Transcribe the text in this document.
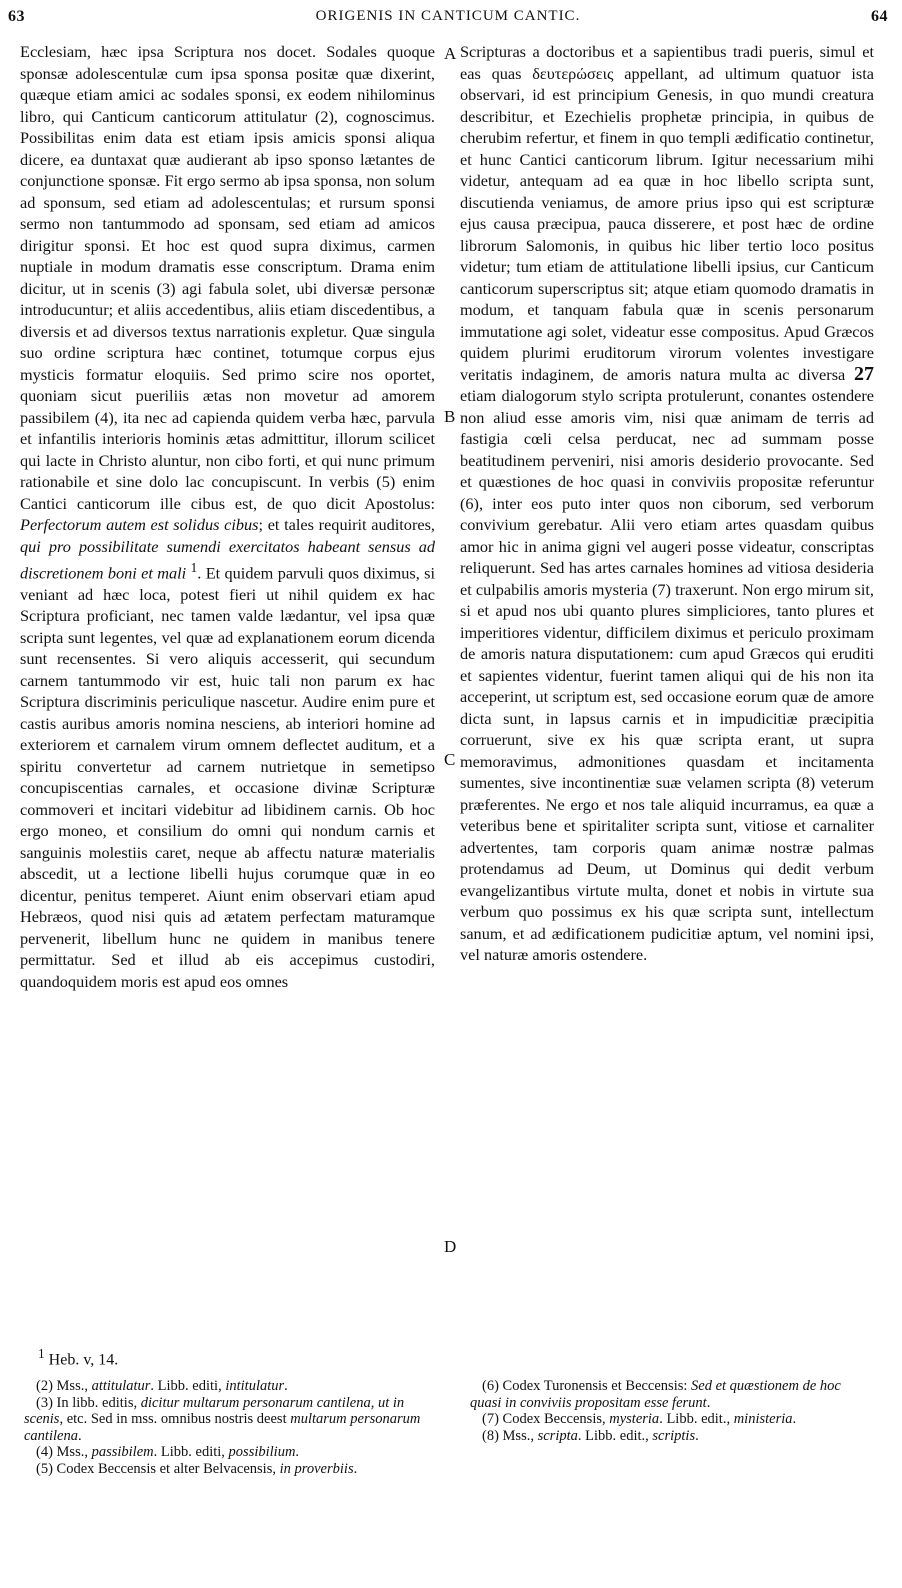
63	ORIGENIS IN CANTICUM CANTIC.	64
A
B
C
D

Ecclesiam, hæc ipsa Scriptura nos docet. Sodales quoque sponsæ adolescentulæ cum ipsa sponsa positæ quæ dixerint, quæque etiam amici ac sodales sponsi, ex eodem nihilominus libro, qui Canticum canticorum attitulatur (2), cognoscimus. Possibilitas enim data est etiam ipsis amicis sponsi aliqua dicere, ea duntaxat quæ audierant ab ipso sponso lætantes de conjunctione sponsæ. Fit ergo sermo ab ipsa sponsa, non solum ad sponsum, sed etiam ad adolescentulas; et rursum sponsi sermo non tantummodo ad sponsam, sed etiam ad amicos dirigitur sponsi. Et hoc est quod supra diximus, carmen nuptiale in modum dramatis esse conscriptum. Drama enim dicitur, ut in scenis (3) agi fabula solet, ubi diversæ personæ introducuntur; et aliis accedentibus, aliis etiam discedentibus, a diversis et ad diversos textus narrationis expletur. Quæ singula suo ordine scriptura hæc continet, totumque corpus ejus mysticis formatur eloquiis. Sed primo scire nos oportet, quoniam sicut pueriliis ætas non movetur ad amorem passibilem (4), ita nec ad capienda quidem verba hæc, parvula et infantilis interioris hominis ætas admittitur, illorum scilicet qui lacte in Christo aluntur, non cibo forti, et qui nunc primum rationabile et sine dolo lac concupiscunt. In verbis (5) enim Cantici canticorum ille cibus est, de quo dicit Apostolus: Perfectorum autem est solidus cibus; et tales requirit auditores, qui pro possibilitate sumendi exercitatos habeant sensus ad discretionem boni et mali $^1$. Et quidem parvuli quos diximus, si veniant ad hæc loca, potest fieri ut nihil quidem ex hac Scriptura proficiant, nec tamen valde lædantur, vel ipsa quæ scripta sunt legentes, vel quæ ad explanationem eorum dicenda sunt recensentes. Si vero aliquis accesserit, qui secundum carnem tantummodo vir est, huic tali non parum ex hac Scriptura discriminis periculique nascetur. Audire enim pure et castis auribus amoris nomina nesciens, ab interiori homine ad exteriorem et carnalem virum omnem deflectet auditum, et a spiritu convertetur ad carnem nutrietque in semetipso concupiscentias carnales, et occasione divinæ Scripturæ commoveri et incitari videbitur ad libidinem carnis. Ob hoc ergo moneo, et consilium do omni qui nondum carnis et sanguinis molestiis caret, neque ab affectu naturæ materialis abscedit, ut a lectione libelli hujus corumque quæ in eo dicentur, penitus temperet. Aiunt enim observari etiam apud Hebræos, quod nisi quis ad ætatem perfectam maturamque pervenerit, libellum hunc ne quidem in manibus tenere permittatur. Sed et illud ab eis accepimus custodiri, quandoquidem moris est apud eos omnes

Scripturas a doctoribus et a sapientibus tradi pueris, simul et eas quas δευτερώσεις appellant, ad ultimum quatuor ista observari, id est principium Genesis, in quo mundi creatura describitur, et Ezechielis prophetæ principia, in quibus de cherubim refertur, et finem in quo templi ædificatio continetur, et hunc Cantici canticorum librum. Igitur necessarium mihi videtur, antequam ad ea quæ in hoc libello scripta sunt, discutienda veniamus, de amore prius ipso qui est scripturæ ejus causa præcipua, pauca disserere, et post hæc de ordine librorum Salomonis, in quibus hic liber tertio loco positus videtur; tum etiam de attitulatione libelli ipsius, cur Canticum canticorum superscriptus sit; atque etiam quomodo dramatis in modum, et tanquam fabula quæ in scenis personarum immutatione agi solet, videatur esse compositus. Apud Græcos quidem plurimi eruditorum virorum volentes investigare veritatis indaginem, de amoris natura multa ac diversa 27 etiam dialogorum stylo scripta protulerunt, conantes ostendere non aliud esse amoris vim, nisi quæ animam de terris ad fastigia cœli celsa perducat, nec ad summam posse beatitudinem perveniri, nisi amoris desiderio provocante. Sed et quæstiones de hoc quasi in conviviis propositæ referuntur (6), inter eos puto inter quos non ciborum, sed verborum convivium gerebatur. Alii vero etiam artes quasdam quibus amor hic in anima gigni vel augeri posse videatur, conscriptas reliquerunt. Sed has artes carnales homines ad vitiosa desideria et culpabilis amoris mysteria (7) traxerunt. Non ergo mirum sit, si et apud nos ubi quanto plures simpliciores, tanto plures et imperitiores videntur, difficilem diximus et periculo proximam de amoris natura disputationem: cum apud Græcos qui eruditi et sapientes videntur, fuerint tamen aliqui qui de his non ita acceperint, ut scriptum est, sed occasione eorum quæ de amore dicta sunt, in lapsus carnis et in impudicitiæ præcipitia corruerunt, sive ex his quæ scripta erant, ut supra memoravimus, admonitiones quasdam et incitamenta sumentes, sive incontinentiæ suæ velamen scripta (8) veterum præferentes. Ne ergo et nos tale aliquid incurramus, ea quæ a veteribus bene et spiritaliter scripta sunt, vitiose et carnaliter advertentes, tam corporis quam animæ nostræ palmas protendamus ad Deum, ut Dominus qui dedit verbum evangelizantibus virtute multa, donet et nobis in virtute sua verbum quo possimus ex his quæ scripta sunt, intellectum sanum, et ad ædificationem pudicitiæ aptum, vel nomini ipsi, vel naturæ amoris ostendere.

$^1$ Heb. v, 14.

(2) Mss., attitulatur. Libb. editi, intitulatur.

(3) In libb. editis, dicitur multarum personarum cantilena, ut in scenis, etc. Sed in mss. omnibus nostris deest multarum personarum cantilena.

(4) Mss., passibilem. Libb. editi, possibilium.

(5) Codex Beccensis et alter Belvacensis, in proverbiis.

(6) Codex Turonensis et Beccensis: Sed et quæstionem de hoc quasi in conviviis propositam esse ferunt.

(7) Codex Beccensis, mysteria. Libb. edit., ministeria.

(8) Mss., scripta. Libb. edit., scriptis.
